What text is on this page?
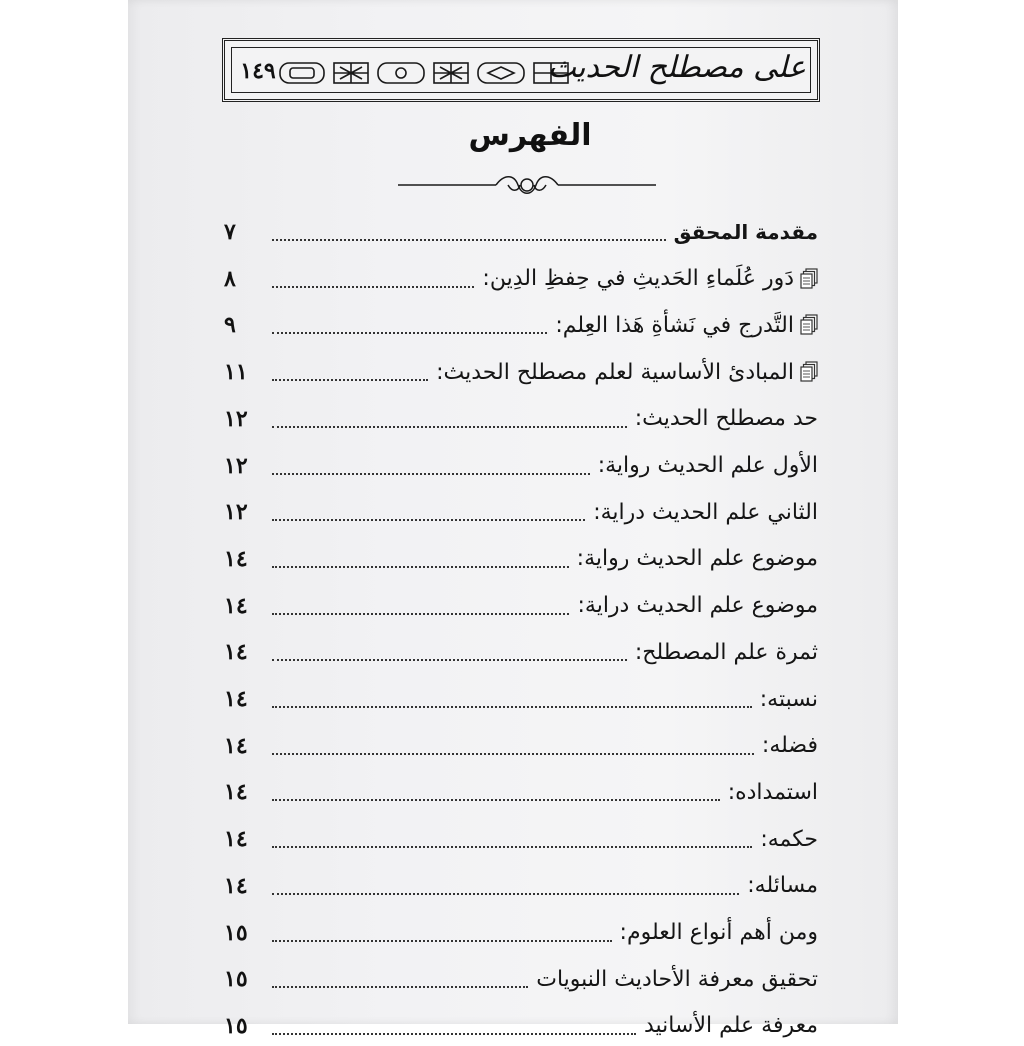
١٤٩	على مصطلح الحديث
الفهرس
مقدمة المحقق
٧
دَور عُلَماءِ الحَديثِ في حِفظِ الدِين:
٨
التَّدرج في نَشأةِ هَذا العِلم:
٩
المبادئ الأساسية لعلم مصطلح الحديث:
١١
حد مصطلح الحديث:
١٢
الأول علم الحديث رواية:
١٢
الثاني علم الحديث دراية:
١٢
موضوع علم الحديث رواية:
١٤
موضوع علم الحديث دراية:
١٤
ثمرة علم المصطلح:
١٤
نسبته:
١٤
فضله:
١٤
استمداده:
١٤
حكمه:
١٤
مسائله:
١٤
ومن أهم أنواع العلوم:
١٥
تحقيق معرفة الأحاديث النبويات
١٥
معرفة علم الأسانيد
١٥
